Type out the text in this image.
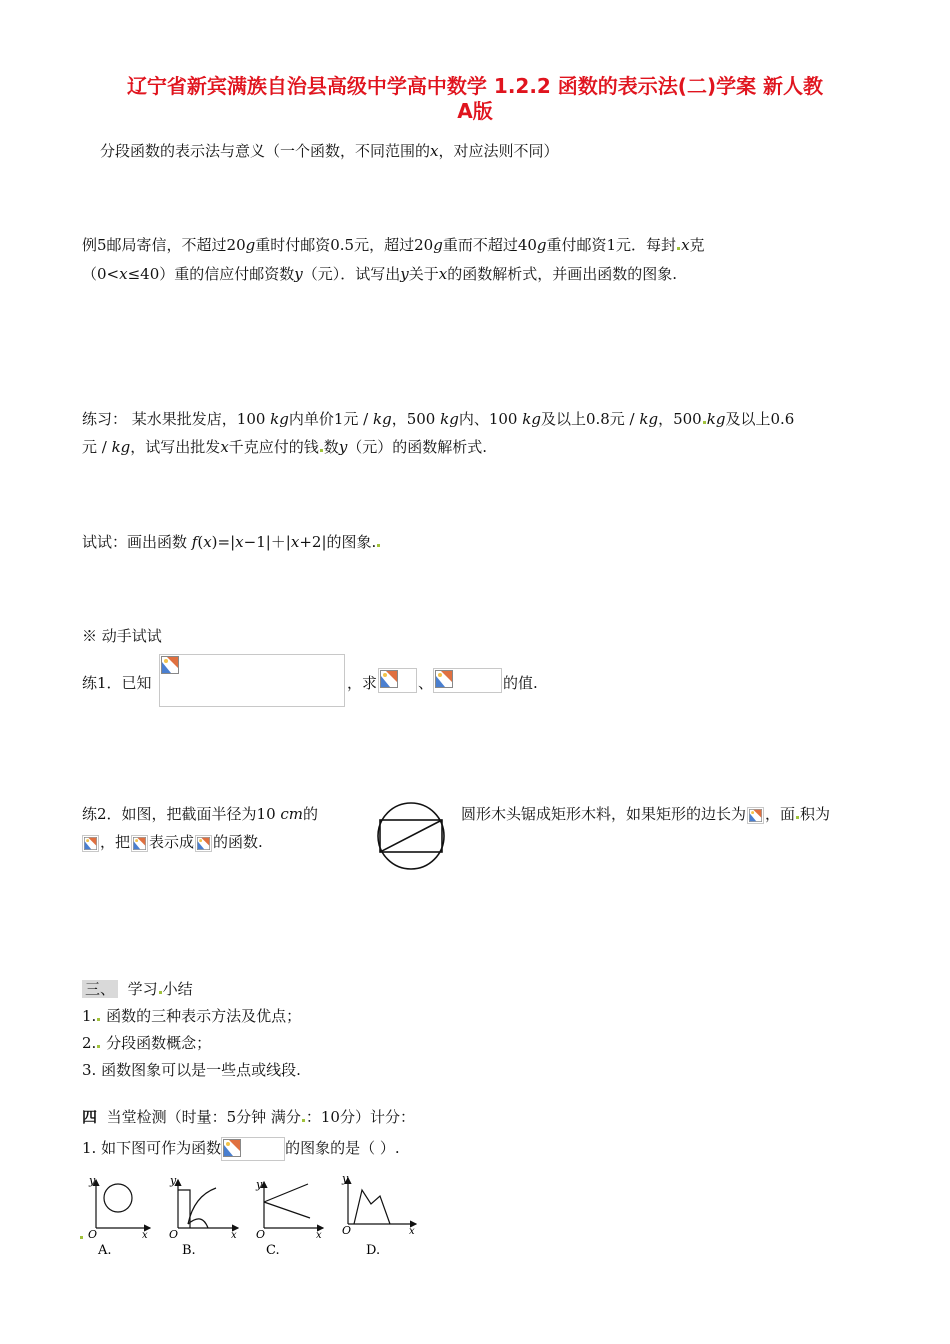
辽宁省新宾满族自治县高级中学高中数学 1.2.2 函数的表示法(二)学案 新人教
A版
分段函数的表示法与意义（一个函数，不同范围的x，对应法则不同）
例5邮局寄信，不超过20g重时付邮资0.5元，超过20g重而不超过40g重付邮资1元．每封 x克
（0<x≤40）重的信应付邮资数y（元）．试写出y关于x的函数解析式，并画出函数的图象.
练习： 某水果批发店，100 kg内单价1元 / kg，500 kg内、100 kg及以上0.8元 / kg，500 kg及以上0.6
元 / kg，试写出批发x千克应付的钱 数y（元）的函数解析式.
试试：画出函数 f(x)=|x−1|＋|x+2|的图象.
※ 动手试试
练1．已知	，求	、	的值.
练2．如图，把截面半径为10 cm的	圆形木头锯成矩形木料，如果矩形的边长为 ，面 积为
，把 表示成 的函数.
三、 学习 小结
1. 函数的三种表示方法及优点；
2. 分段函数概念；
3. 函数图象可以是一些点或线段.
四 当堂检测（时量：5分钟 满分 ：10分）计分：
1. 如下图可作为函数	的图象的是（ ）.
y
x
O
y
x
O
y
x
O
y
x
O
A.	B.	C.	D.
